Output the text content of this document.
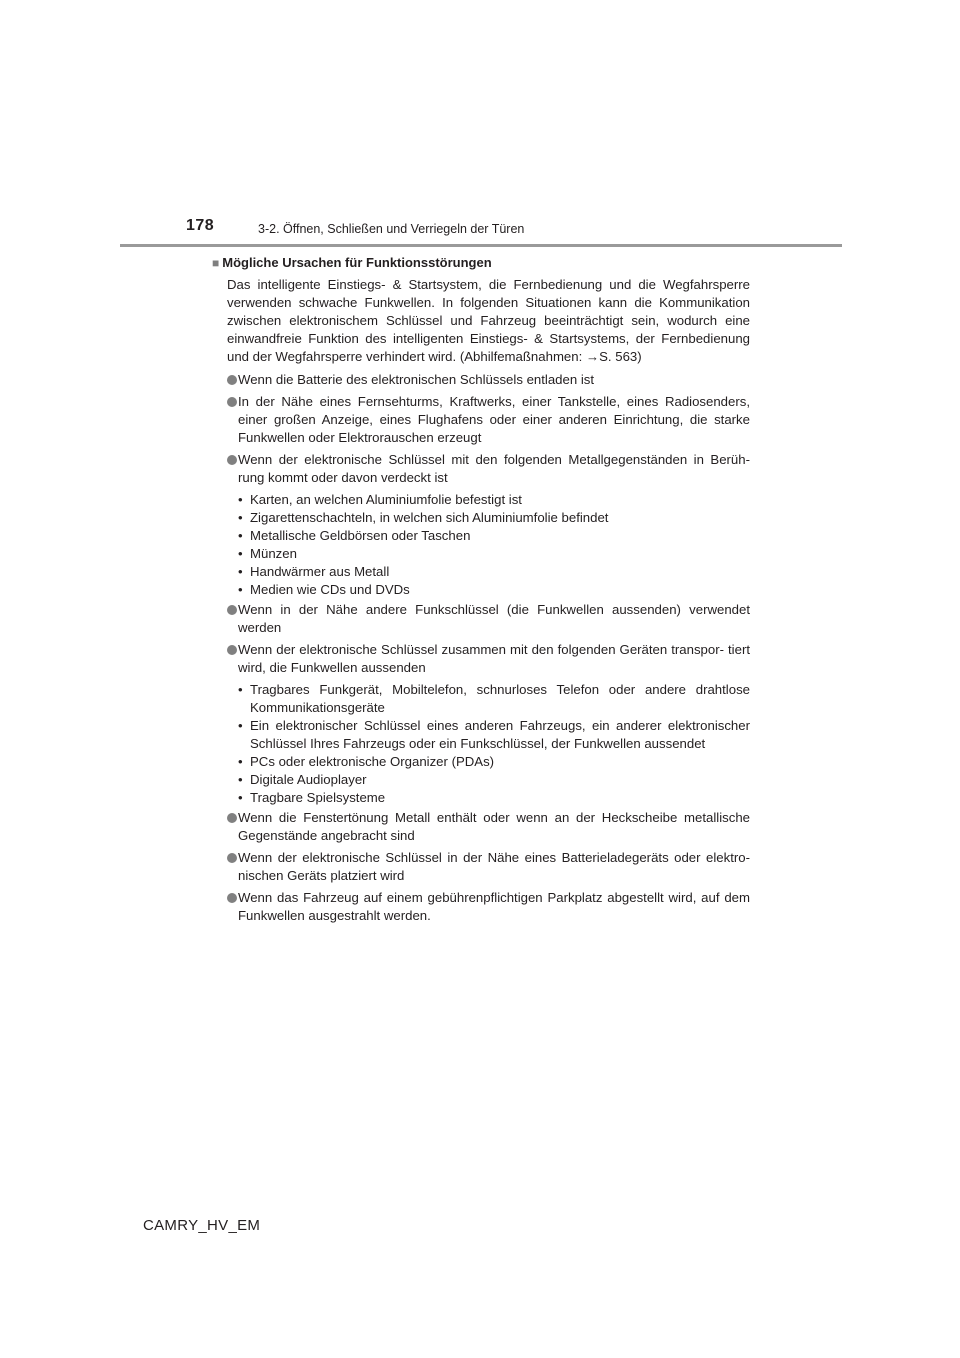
178	3-2. Öffnen, Schließen und Verriegeln der Türen
■ Mögliche Ursachen für Funktionsstörungen

Das intelligente Einstiegs- & Startsystem, die Fernbedienung und die Wegfahrsperre verwenden schwache Funkwellen. In folgenden Situationen kann die Kommunikation zwischen elektronischem Schlüssel und Fahrzeug beeinträchtigt sein, wodurch eine einwandfreie Funktion des intelligenten Einstiegs- & Startsystems, der Fernbedienung und der Wegfahrsperre verhindert wird. (Abhilfemaßnahmen: →S. 563)

Wenn die Batterie des elektronischen Schlüssels entladen ist
In der Nähe eines Fernsehturms, Kraftwerks, einer Tankstelle, eines Radiosenders, einer großen Anzeige, eines Flughafens oder einer anderen Einrichtung, die starke Funkwellen oder Elektrorauschen erzeugt
Wenn der elektronische Schlüssel mit den folgenden Metallgegenständen in Berüh- rung kommt oder davon verdeckt ist
• Karten, an welchen Aluminiumfolie befestigt ist
• Zigarettenschachteln, in welchen sich Aluminiumfolie befindet
• Metallische Geldbörsen oder Taschen
• Münzen
• Handwärmer aus Metall
• Medien wie CDs und DVDs
Wenn in der Nähe andere Funkschlüssel (die Funkwellen aussenden) verwendet werden
Wenn der elektronische Schlüssel zusammen mit den folgenden Geräten transpor- tiert wird, die Funkwellen aussenden
• Tragbares Funkgerät, Mobiltelefon, schnurloses Telefon oder andere drahtlose Kommunikationsgeräte
• Ein elektronischer Schlüssel eines anderen Fahrzeugs, ein anderer elektronischer Schlüssel Ihres Fahrzeugs oder ein Funkschlüssel, der Funkwellen aussendet
• PCs oder elektronische Organizer (PDAs)
• Digitale Audioplayer
• Tragbare Spielsysteme
Wenn die Fenstertönung Metall enthält oder wenn an der Heckscheibe metallische Gegenstände angebracht sind
Wenn der elektronische Schlüssel in der Nähe eines Batterieladegeräts oder elektro- nischen Geräts platziert wird
Wenn das Fahrzeug auf einem gebührenpflichtigen Parkplatz abgestellt wird, auf dem Funkwellen ausgestrahlt werden.
CAMRY_HV_EM
